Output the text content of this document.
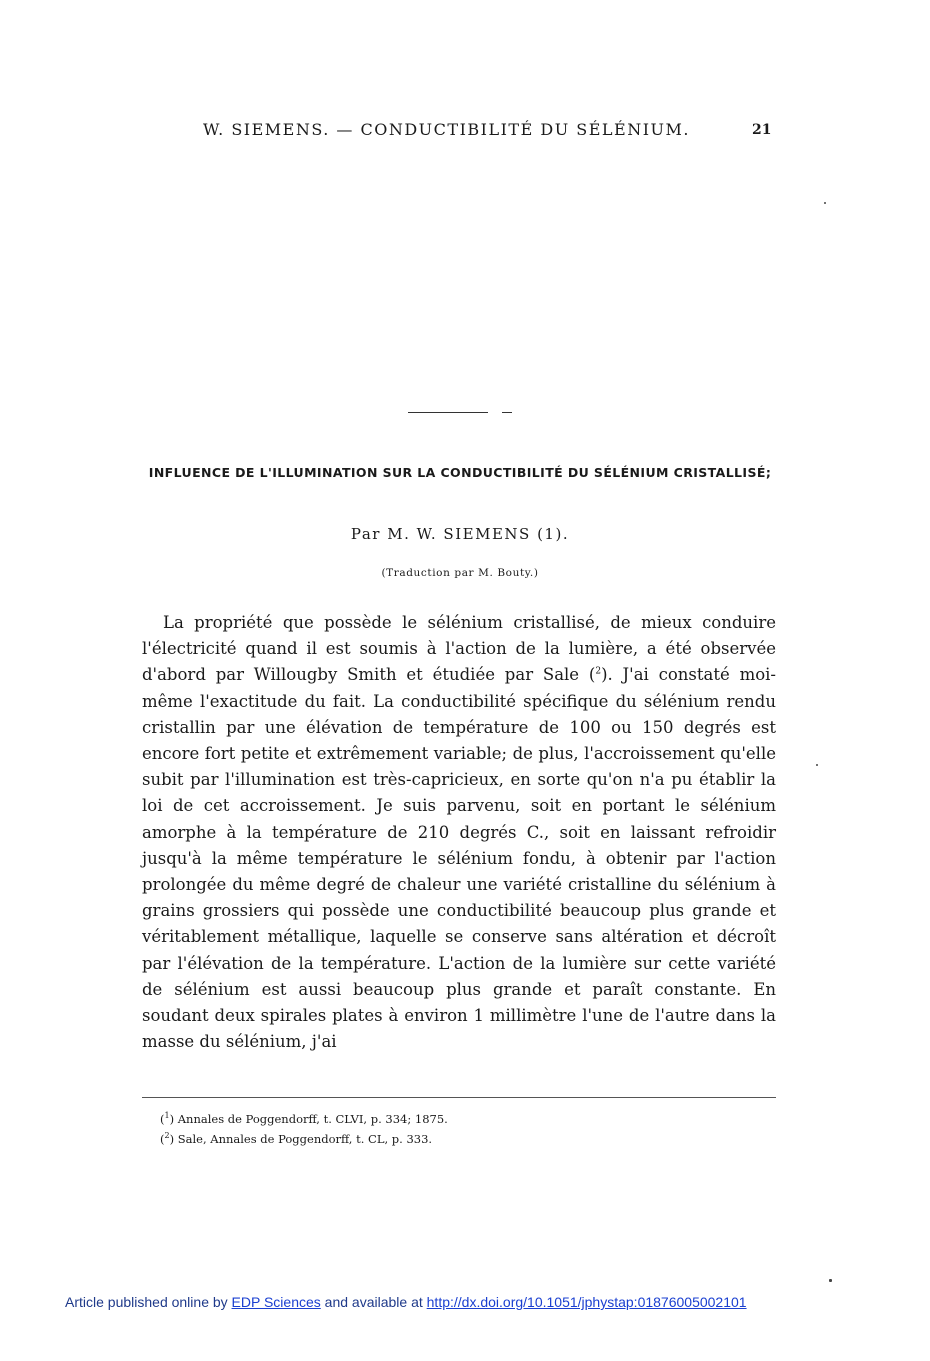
W. SIEMENS. — CONDUCTIBILITÉ DU SÉLÉNIUM.	21
INFLUENCE DE L'ILLUMINATION SUR LA CONDUCTIBILITÉ DU SÉLÉNIUM CRISTALLISÉ;
Par M. W. SIEMENS (1).
(Traduction par M. Bouty.)

La propriété que possède le sélénium cristallisé, de mieux conduire l'électricité quand il est soumis à l'action de la lumière, a été observée d'abord par Willougby Smith et étudiée par Sale ($^2$). J'ai constaté moi-même l'exactitude du fait. La conductibilité spécifique du sélénium rendu cristallin par une élévation de température de 100 ou 150 degrés est encore fort petite et extrêmement variable; de plus, l'accroissement qu'elle subit par l'illumination est très-capricieux, en sorte qu'on n'a pu établir la loi de cet accroissement. Je suis parvenu, soit en portant le sélénium amorphe à la température de 210 degrés C., soit en laissant refroidir jusqu'à la même température le sélénium fondu, à obtenir par l'action prolongée du même degré de chaleur une variété cristalline du sélénium à grains grossiers qui possède une conductibilité beaucoup plus grande et véritablement métallique, laquelle se conserve sans altération et décroît par l'élévation de la température. L'action de la lumière sur cette variété de sélénium est aussi beaucoup plus grande et paraît constante. En soudant deux spirales plates à environ 1 millimètre l'une de l'autre dans la masse du sélénium, j'ai

($^1$) Annales de Poggendorff, t. CLVI, p. 334; 1875.
($^2$) Sale, Annales de Poggendorff, t. CL, p. 333.
Article published online by EDP Sciences and available at http://dx.doi.org/10.1051/jphystap:01876005002101
